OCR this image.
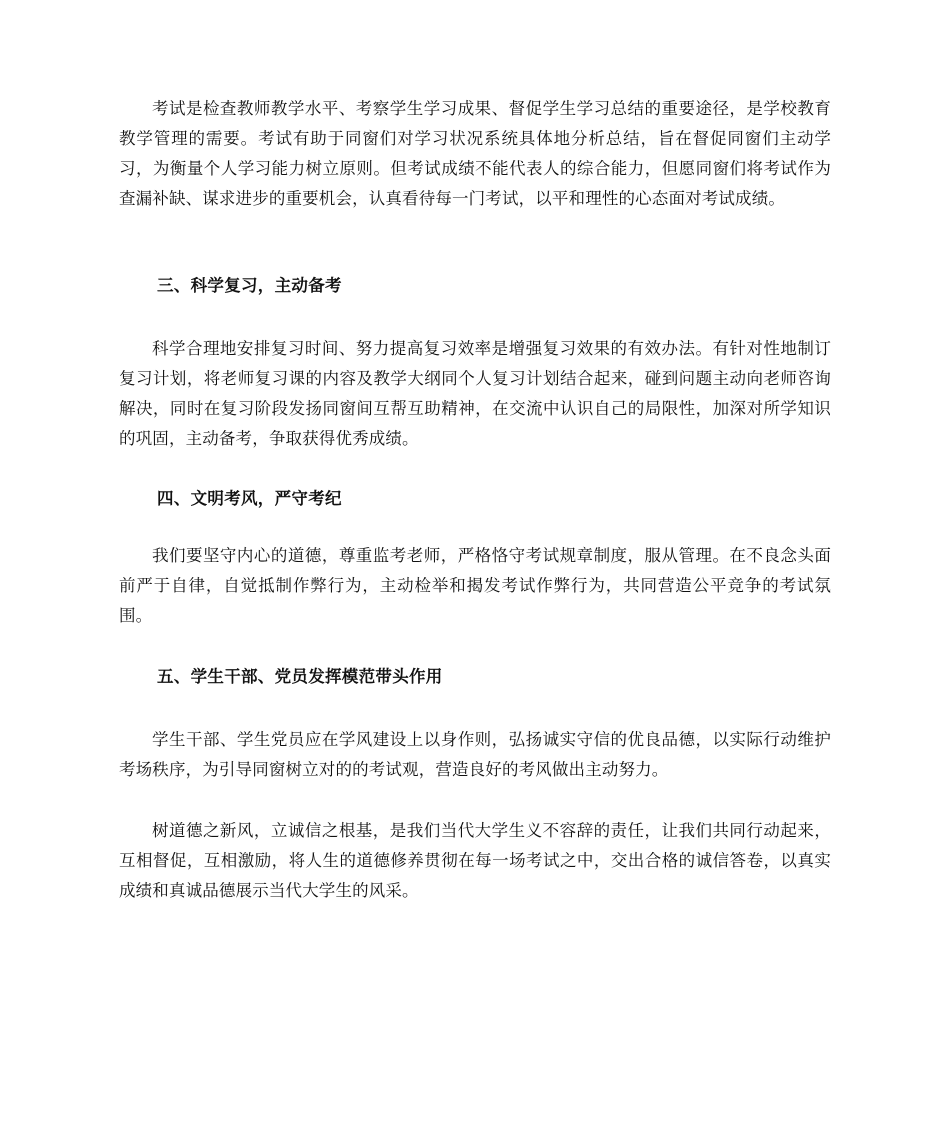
考试是检查教师教学水平、考察学生学习成果、督促学生学习总结的重要途径，是学校教育教学管理的需要。考试有助于同窗们对学习状况系统具体地分析总结，旨在督促同窗们主动学习，为衡量个人学习能力树立原则。但考试成绩不能代表人的综合能力，但愿同窗们将考试作为查漏补缺、谋求进步的重要机会，认真看待每一门考试，以平和理性的心态面对考试成绩。

三、科学复习，主动备考

科学合理地安排复习时间、努力提高复习效率是增强复习效果的有效办法。有针对性地制订复习计划，将老师复习课的内容及教学大纲同个人复习计划结合起来，碰到问题主动向老师咨询解决，同时在复习阶段发扬同窗间互帮互助精神，在交流中认识自己的局限性，加深对所学知识的巩固，主动备考，争取获得优秀成绩。

四、文明考风，严守考纪

我们要坚守内心的道德，尊重监考老师，严格恪守考试规章制度，服从管理。在不良念头面前严于自律，自觉抵制作弊行为，主动检举和揭发考试作弊行为，共同营造公平竞争的考试氛围。

五、学生干部、党员发挥模范带头作用

学生干部、学生党员应在学风建设上以身作则，弘扬诚实守信的优良品德，以实际行动维护考场秩序，为引导同窗树立对的的考试观，营造良好的考风做出主动努力。

树道德之新风，立诚信之根基，是我们当代大学生义不容辞的责任，让我们共同行动起来，互相督促，互相激励，将人生的道德修养贯彻在每一场考试之中，交出合格的诚信答卷，以真实成绩和真诚品德展示当代大学生的风采。
